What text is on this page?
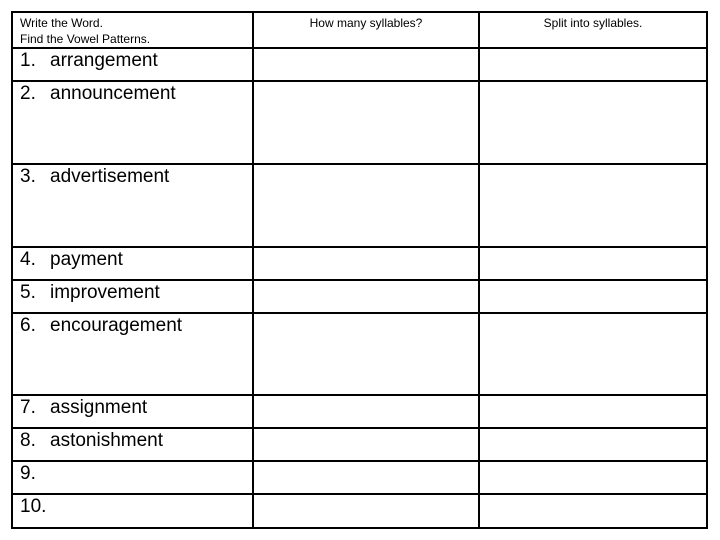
Write the Word.
Find the Vowel Patterns.	How many syllables?	Split into syllables.
1. arrangement		
2. announcement		
3. advertisement		
4. payment		
5. improvement		
6. encouragement		
7. assignment		
8. astonishment		
9.		
10.		
